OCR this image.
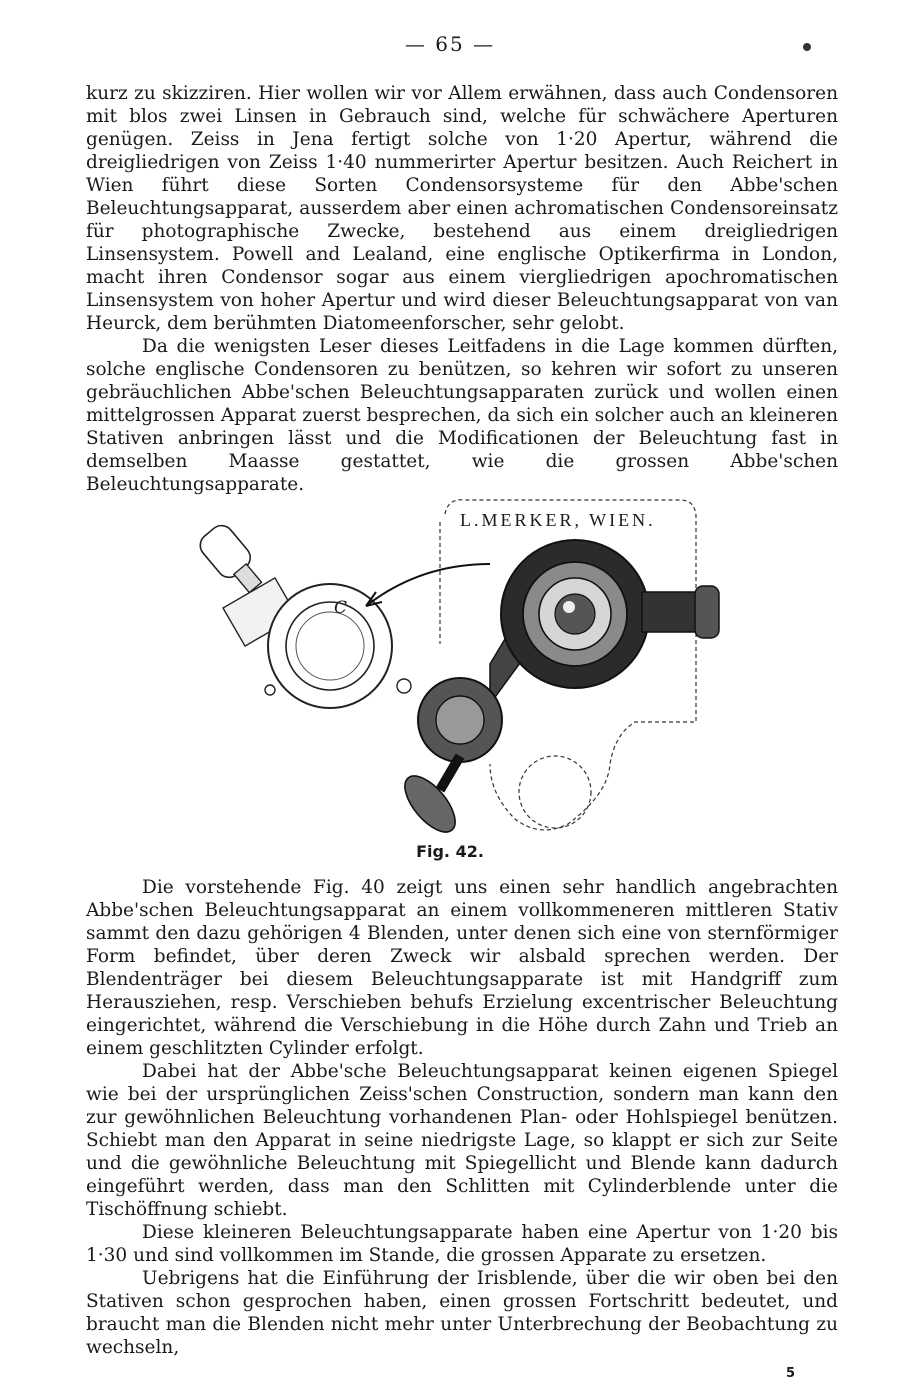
— 65 —

kurz zu skizziren. Hier wollen wir vor Allem erwähnen, dass auch Condensoren mit blos zwei Linsen in Gebrauch sind, welche für schwächere Aperturen genügen. Zeiss in Jena fertigt solche von 1·20 Apertur, während die dreigliedrigen von Zeiss 1·40 nummerirter Apertur besitzen. Auch Reichert in Wien führt diese Sorten Condensorsysteme für den Abbe'schen Beleuchtungsapparat, ausserdem aber einen achromatischen Condensoreinsatz für photographische Zwecke, bestehend aus einem dreigliedrigen Linsensystem. Powell and Lealand, eine englische Optikerfirma in London, macht ihren Condensor sogar aus einem viergliedrigen apochromatischen Linsensystem von hoher Apertur und wird dieser Beleuchtungsapparat von van Heurck, dem berühmten Diatomeenforscher, sehr gelobt.

Da die wenigsten Leser dieses Leitfadens in die Lage kommen dürften, solche englische Condensoren zu benützen, so kehren wir sofort zu unseren gebräuchlichen Abbe'schen Beleuchtungsapparaten zurück und wollen einen mittelgrossen Apparat zuerst besprechen, da sich ein solcher auch an kleineren Stativen anbringen lässt und die Modificationen der Beleuchtung fast in demselben Maasse gestattet, wie die grossen Abbe'schen Beleuchtungsapparate.

L.MERKER, WIEN.
C
Fig. 42.

Die vorstehende Fig. 40 zeigt uns einen sehr handlich angebrachten Abbe'schen Beleuchtungsapparat an einem vollkommeneren mittleren Stativ sammt den dazu gehörigen 4 Blenden, unter denen sich eine von sternförmiger Form befindet, über deren Zweck wir alsbald sprechen werden. Der Blendenträger bei diesem Beleuchtungsapparate ist mit Handgriff zum Herausziehen, resp. Verschieben behufs Erzielung excentrischer Beleuchtung eingerichtet, während die Verschiebung in die Höhe durch Zahn und Trieb an einem geschlitzten Cylinder erfolgt.

Dabei hat der Abbe'sche Beleuchtungsapparat keinen eigenen Spiegel wie bei der ursprünglichen Zeiss'schen Construction, sondern man kann den zur gewöhnlichen Beleuchtung vorhandenen Plan- oder Hohlspiegel benützen. Schiebt man den Apparat in seine niedrigste Lage, so klappt er sich zur Seite und die gewöhnliche Beleuchtung mit Spiegellicht und Blende kann dadurch eingeführt werden, dass man den Schlitten mit Cylinderblende unter die Tischöffnung schiebt.

Diese kleineren Beleuchtungsapparate haben eine Apertur von 1·20 bis 1·30 und sind vollkommen im Stande, die grossen Apparate zu ersetzen.

Uebrigens hat die Einführung der Irisblende, über die wir oben bei den Stativen schon gesprochen haben, einen grossen Fortschritt bedeutet, und braucht man die Blenden nicht mehr unter Unterbrechung der Beobachtung zu wechseln,

5
